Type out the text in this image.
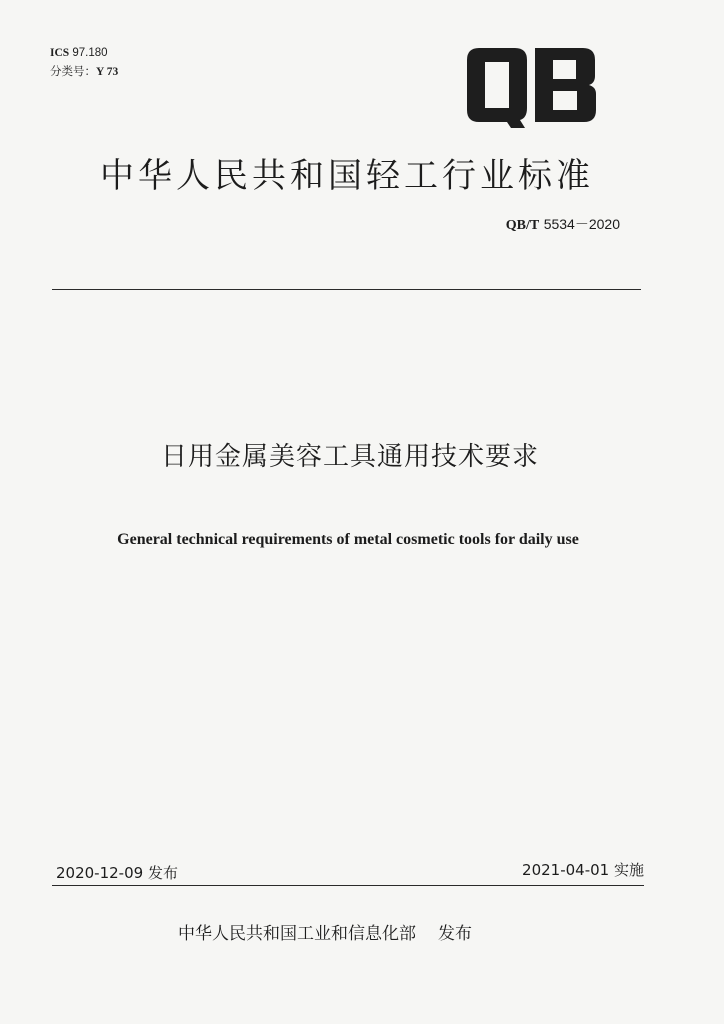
ICS 97.180
分类号：Y 73
中华人民共和国轻工行业标准
QB/T 5534－2020
日用金属美容工具通用技术要求
General technical requirements of metal cosmetic tools for daily use
2020-12-09 发布	2021-04-01 实施
中华人民共和国工业和信息化部 发布
